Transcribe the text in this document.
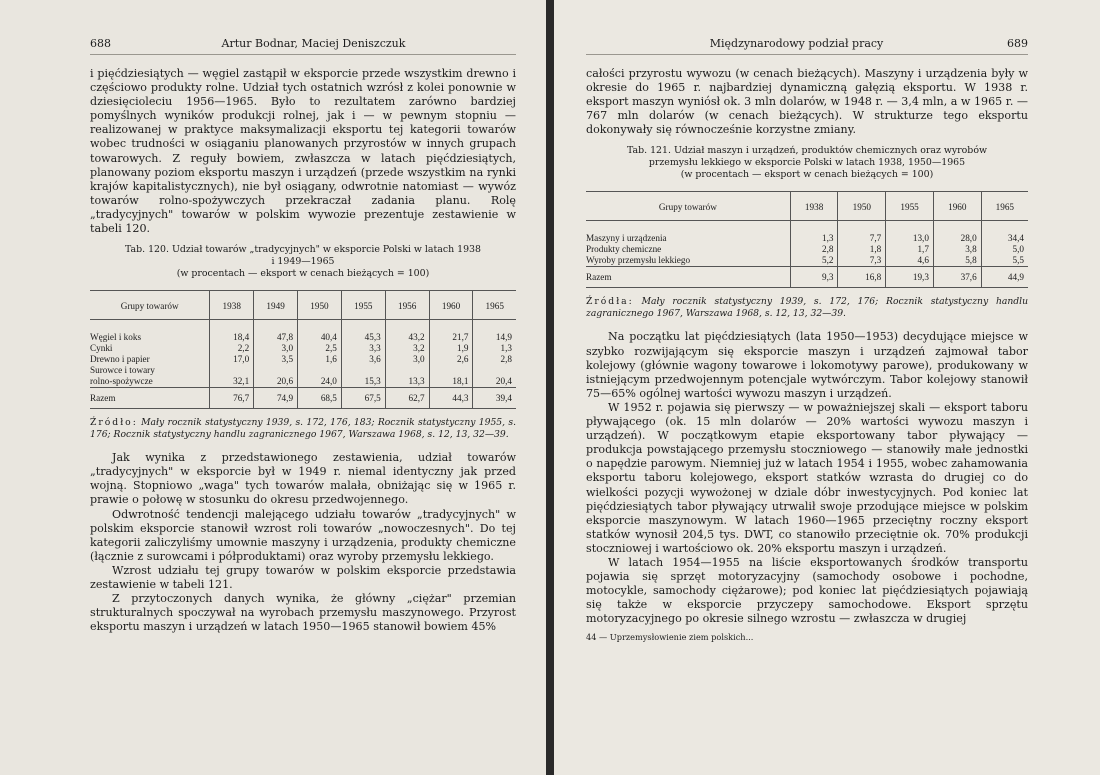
688	Artur Bodnar, Maciej Deniszczuk

i pięćdziesiątych — węgiel zastąpił w eksporcie przede wszystkim drewno i częściowo produkty rolne. Udział tych ostatnich wzrósł z kolei ponownie w dziesięcioleciu 1956—1965. Było to rezultatem zarówno bardziej pomyślnych wyników produkcji rolnej, jak i — w pewnym stopniu — realizowanej w praktyce maksymalizacji eksportu tej kategorii towarów wobec trudności w osiąganiu planowanych przyrostów w innych grupach towarowych. Z reguły bowiem, zwłaszcza w latach pięćdziesiątych, planowany poziom eksportu maszyn i urządzeń (przede wszystkim na rynki krajów kapitalistycznych), nie był osiągany, odwrotnie natomiast — wywóz towarów rolno-spożywczych przekraczał zadania planu. Rolę „tradycyjnych" towarów w polskim wywozie prezentuje zestawienie w tabeli 120.

Tab. 120. Udział towarów „tradycyjnych" w eksporcie Polski w latach 1938
i 1949—1965
(w procentach — eksport w cenach bieżących = 100)
Grupy towarów	1938	1949	1950	1955	1956	1960	1965
Węgiel i koks	18,4	47,8	40,4	45,3	43,2	21,7	14,9
Cynki	2,2	3,0	2,5	3,3	3,2	1,9	1,3
Drewno i papier	17,0	3,5	1,6	3,6	3,0	2,6	2,8
Surowce i towary							
rolno-spożywcze	32,1	20,6	24,0	15,3	13,3	18,1	20,4
Razem	76,7	74,9	68,5	67,5	62,7	44,3	39,4
Źródło: Mały rocznik statystyczny 1939, s. 172, 176, 183; Rocznik statystyczny 1955, s. 176; Rocznik statystyczny handlu zagranicznego 1967, Warszawa 1968, s. 12, 13, 32—39.

Jak wynika z przedstawionego zestawienia, udział towarów „tradycyjnych" w eksporcie był w 1949 r. niemal identyczny jak przed wojną. Stopniowo „waga" tych towarów malała, obniżając się w 1965 r. prawie o połowę w stosunku do okresu przedwojennego.

Odwrotność tendencji malejącego udziału towarów „tradycyjnych" w polskim eksporcie stanowił wzrost roli towarów „nowoczesnych". Do tej kategorii zaliczyliśmy umownie maszyny i urządzenia, produkty chemiczne (łącznie z surowcami i półproduktami) oraz wyroby przemysłu lekkiego.

Wzrost udziału tej grupy towarów w polskim eksporcie przedstawia zestawienie w tabeli 121.

Z przytoczonych danych wynika, że główny „ciężar" przemian strukturalnych spoczywał na wyrobach przemysłu maszynowego. Przyrost eksportu maszyn i urządzeń w latach 1950—1965 stanowił bowiem 45%

Międzynarodowy podział pracy	689

całości przyrostu wywozu (w cenach bieżących). Maszyny i urządzenia były w okresie do 1965 r. najbardziej dynamiczną gałęzią eksportu. W 1938 r. eksport maszyn wyniósł ok. 3 mln dolarów, w 1948 r. — 3,4 mln, a w 1965 r. — 767 mln dolarów (w cenach bieżących). W strukturze tego eksportu dokonywały się równocześnie korzystne zmiany.

Tab. 121. Udział maszyn i urządzeń, produktów chemicznych oraz wyrobów
przemysłu lekkiego w eksporcie Polski w latach 1938, 1950—1965
(w procentach — eksport w cenach bieżących = 100)
Grupy towarów	1938	1950	1955	1960	1965
Maszyny i urządzenia	1,3	7,7	13,0	28,0	34,4
Produkty chemiczne	2,8	1,8	1,7	3,8	5,0
Wyroby przemysłu lekkiego	5,2	7,3	4,6	5,8	5,5
Razem	9,3	16,8	19,3	37,6	44,9
Źródła: Mały rocznik statystyczny 1939, s. 172, 176; Rocznik statystyczny handlu zagranicznego 1967, Warszawa 1968, s. 12, 13, 32—39.

Na początku lat pięćdziesiątych (lata 1950—1953) decydujące miejsce w szybko rozwijającym się eksporcie maszyn i urządzeń zajmował tabor kolejowy (głównie wagony towarowe i lokomotywy parowe), produkowany w istniejącym przedwojennym potencjale wytwórczym. Tabor kolejowy stanowił 75—65% ogólnej wartości wywozu maszyn i urządzeń.

W 1952 r. pojawia się pierwszy — w poważniejszej skali — eksport taboru pływającego (ok. 15 mln dolarów — 20% wartości wywozu maszyn i urządzeń). W początkowym etapie eksportowany tabor pływający — produkcja powstającego przemysłu stoczniowego — stanowiły małe jednostki o napędzie parowym. Niemniej już w latach 1954 i 1955, wobec zahamowania eksportu taboru kolejowego, eksport statków wzrasta do drugiej co do wielkości pozycji wywożonej w dziale dóbr inwestycyjnych. Pod koniec lat pięćdziesiątych tabor pływający utrwalił swoje przodujące miejsce w polskim eksporcie maszynowym. W latach 1960—1965 przeciętny roczny eksport statków wynosił 204,5 tys. DWT, co stanowiło przeciętnie ok. 70% produkcji stoczniowej i wartościowo ok. 20% eksportu maszyn i urządzeń.

W latach 1954—1955 na liście eksportowanych środków transportu pojawia się sprzęt motoryzacyjny (samochody osobowe i pochodne, motocykle, samochody ciężarowe); pod koniec lat pięćdziesiątych pojawiają się także w eksporcie przyczepy samochodowe. Eksport sprzętu motoryzacyjnego po okresie silnego wzrostu — zwłaszcza w drugiej

44 — Uprzemysłowienie ziem polskich...
